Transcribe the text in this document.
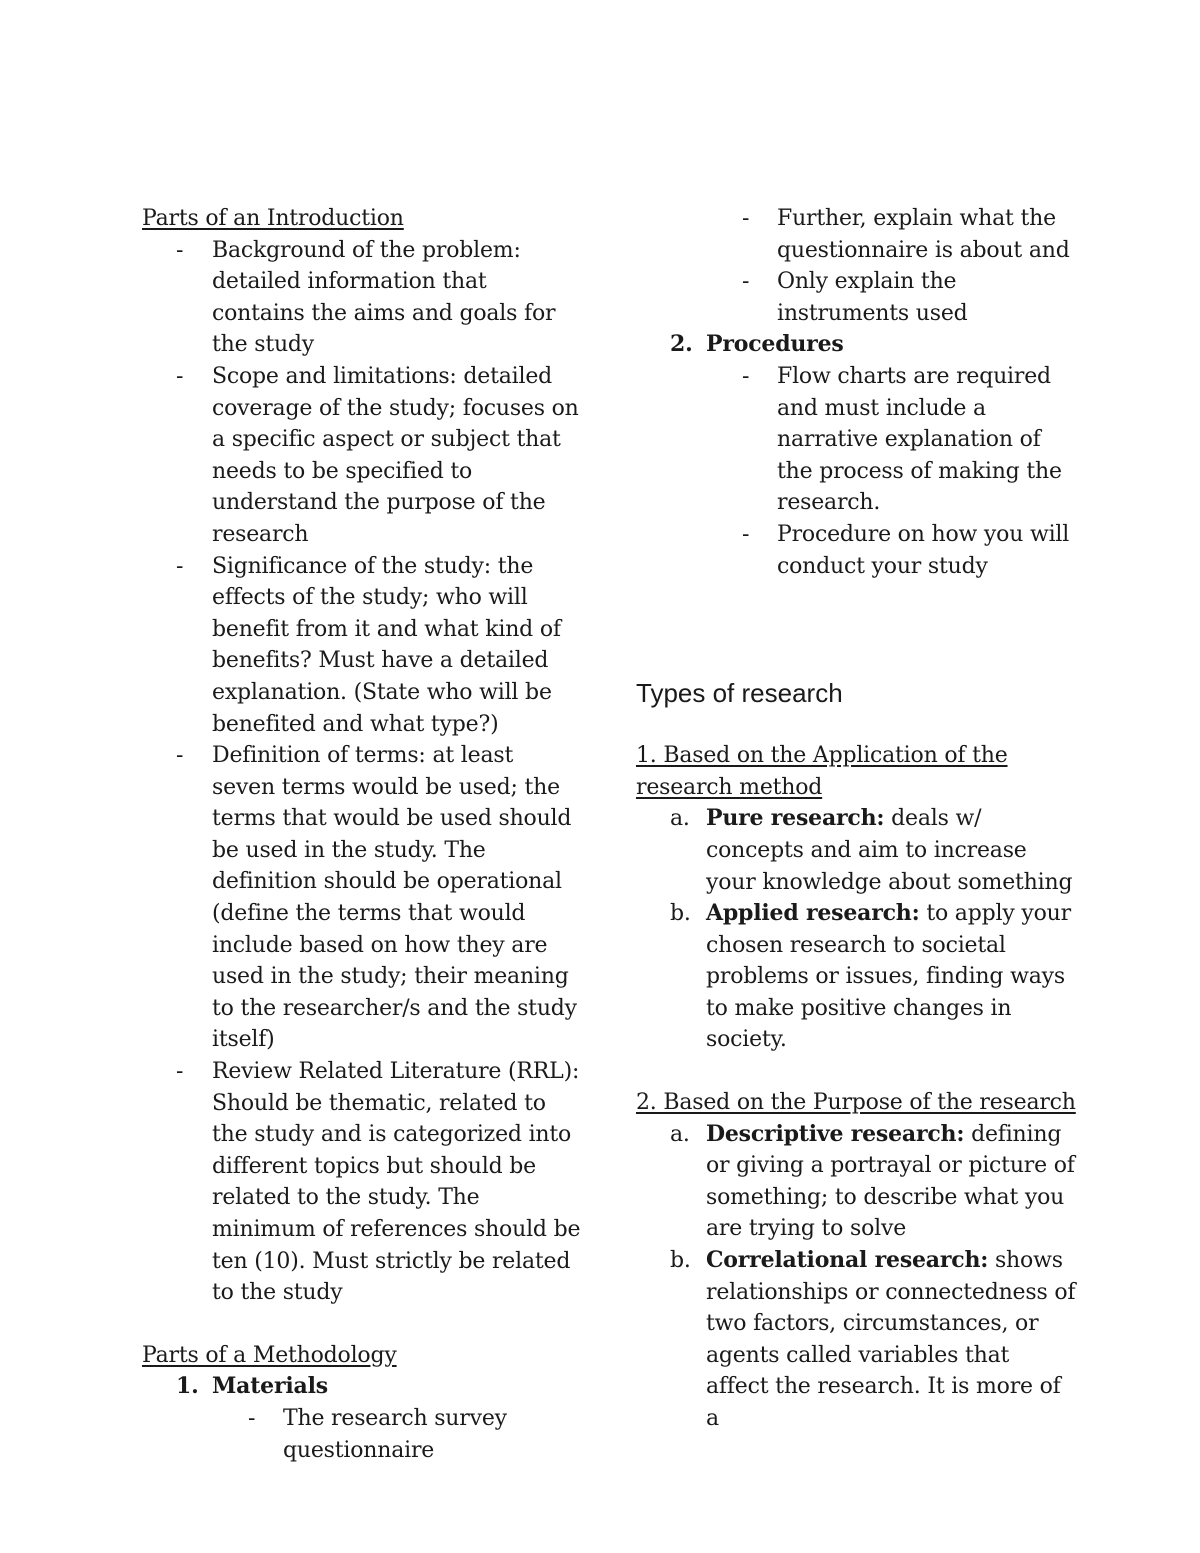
Parts of an Introduction
- Background of the problem: detailed information that contains the aims and goals for the study
- Scope and limitations: detailed coverage of the study; focuses on a specific aspect or subject that needs to be specified to understand the purpose of the research
- Significance of the study: the effects of the study; who will benefit from it and what kind of benefits? Must have a detailed explanation. (State who will be benefited and what type?)
- Definition of terms: at least seven terms would be used; the terms that would be used should be used in the study. The definition should be operational (define the terms that would include based on how they are used in the study; their meaning to the researcher/s and the study itself)
- Review Related Literature (RRL): Should be thematic, related to the study and is categorized into different topics but should be related to the study. The minimum of references should be ten (10). Must strictly be related to the study
Parts of a Methodology
1. Materials
- The research survey questionnaire
- Further, explain what the questionnaire is about and
- Only explain the instruments used
2. Procedures
- Flow charts are required and must include a narrative explanation of the process of making the research.
- Procedure on how you will conduct your study
Types of research
1. Based on the Application of the research method
a. Pure research: deals w/ concepts and aim to increase your knowledge about something
b. Applied research: to apply your chosen research to societal problems or issues, finding ways to make positive changes in society.
2. Based on the Purpose of the research
a. Descriptive research: defining or giving a portrayal or picture of something; to describe what you are trying to solve
b. Correlational research: shows relationships or connectedness of two factors, circumstances, or agents called variables that affect the research. It is more of a
